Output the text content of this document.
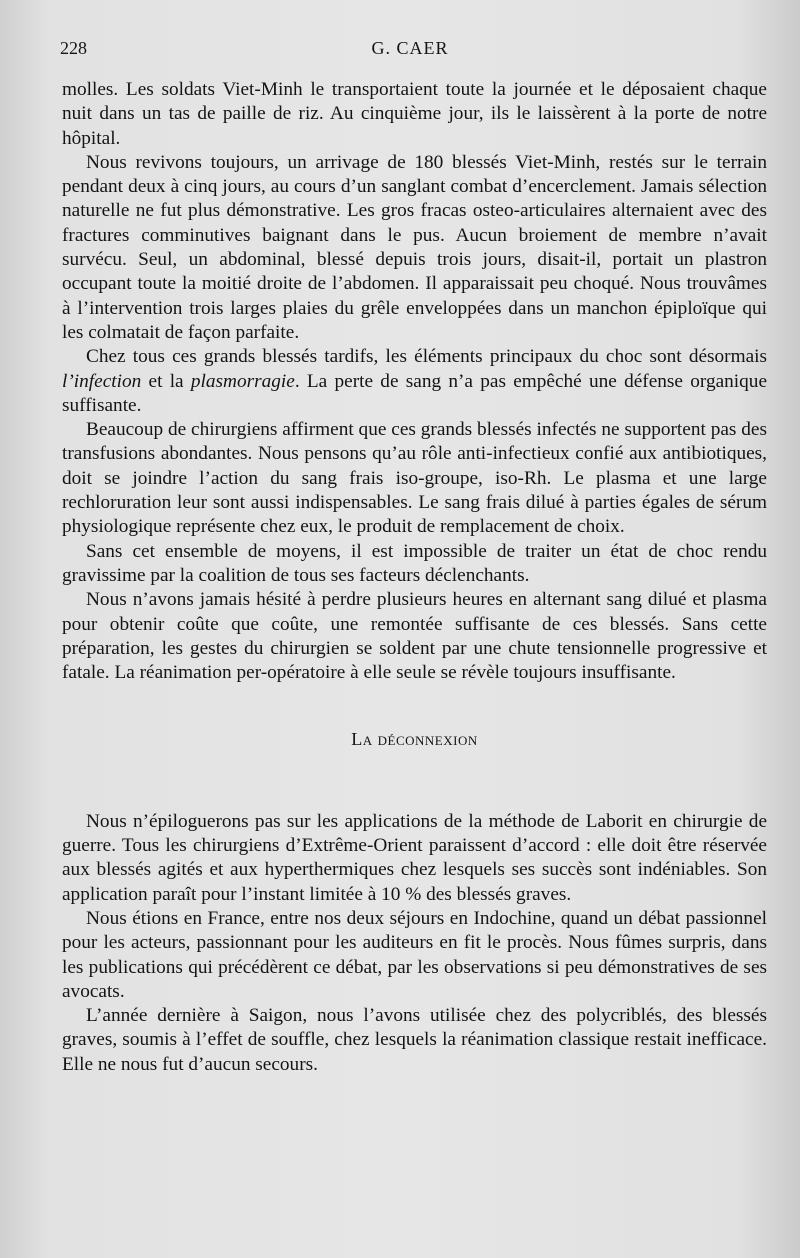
228	G. CAER

molles. Les soldats Viet-Minh le transportaient toute la journée et le déposaient chaque nuit dans un tas de paille de riz. Au cinquième jour, ils le laissèrent à la porte de notre hôpital.

Nous revivons toujours, un arrivage de 180 blessés Viet-Minh, restés sur le terrain pendant deux à cinq jours, au cours d’un sanglant combat d’encerclement. Jamais sélection naturelle ne fut plus démonstrative. Les gros fracas osteo-articulaires alternaient avec des fractures comminutives baignant dans le pus. Aucun broiement de membre n’avait survécu. Seul, un abdominal, blessé depuis trois jours, disait-il, portait un plastron occupant toute la moitié droite de l’abdomen. Il apparaissait peu choqué. Nous trouvâmes à l’intervention trois larges plaies du grêle enveloppées dans un manchon épiploïque qui les colmatait de façon parfaite.

Chez tous ces grands blessés tardifs, les éléments principaux du choc sont désormais l’infection et la plasmorragie. La perte de sang n’a pas empêché une défense organique suffisante.

Beaucoup de chirurgiens affirment que ces grands blessés infectés ne supportent pas des transfusions abondantes. Nous pensons qu’au rôle anti-infectieux confié aux antibiotiques, doit se joindre l’action du sang frais iso-groupe, iso-Rh. Le plasma et une large rechloruration leur sont aussi indispensables. Le sang frais dilué à parties égales de sérum physiologique représente chez eux, le produit de remplacement de choix.

Sans cet ensemble de moyens, il est impossible de traiter un état de choc rendu gravissime par la coalition de tous ses facteurs déclenchants.

Nous n’avons jamais hésité à perdre plusieurs heures en alternant sang dilué et plasma pour obtenir coûte que coûte, une remontée suffisante de ces blessés. Sans cette préparation, les gestes du chirurgien se soldent par une chute tensionnelle progressive et fatale. La réanimation per-opératoire à elle seule se révèle toujours insuffisante.

La déconnexion

Nous n’épiloguerons pas sur les applications de la méthode de Laborit en chirurgie de guerre. Tous les chirurgiens d’Extrême-Orient paraissent d’accord : elle doit être réservée aux blessés agités et aux hyperthermiques chez lesquels ses succès sont indéniables. Son application paraît pour l’instant limitée à 10 % des blessés graves.

Nous étions en France, entre nos deux séjours en Indochine, quand un débat passionnel pour les acteurs, passionnant pour les auditeurs en fit le procès. Nous fûmes surpris, dans les publications qui précédèrent ce débat, par les observations si peu démonstratives de ses avocats.

L’année dernière à Saigon, nous l’avons utilisée chez des polycriblés, des blessés graves, soumis à l’effet de souffle, chez lesquels la réanimation classique restait inefficace. Elle ne nous fut d’aucun secours.
